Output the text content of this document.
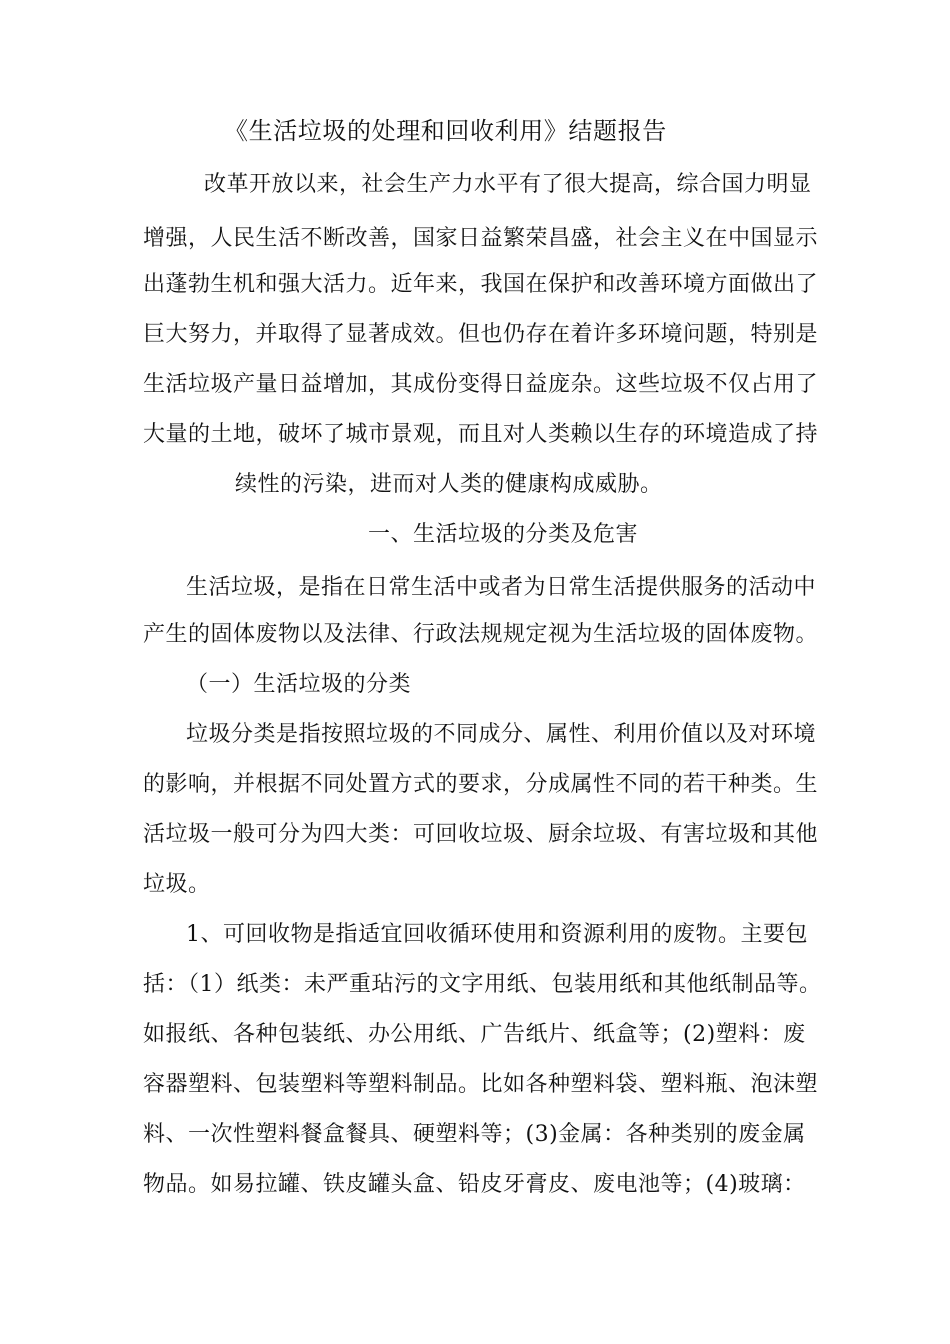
《生活垃圾的处理和回收利用》结题报告
改革开放以来，社会生产力水平有了很大提高，综合国力明显
增强，人民生活不断改善，国家日益繁荣昌盛，社会主义在中国显示
出蓬勃生机和强大活力。近年来，我国在保护和改善环境方面做出了
巨大努力，并取得了显著成效。但也仍存在着许多环境问题，特别是
生活垃圾产量日益增加，其成份变得日益庞杂。这些垃圾不仅占用了
大量的土地，破坏了城市景观，而且对人类赖以生存的环境造成了持
续性的污染，进而对人类的健康构成威胁。
一、生活垃圾的分类及危害
生活垃圾，是指在日常生活中或者为日常生活提供服务的活动中
产生的固体废物以及法律、行政法规规定视为生活垃圾的固体废物。
（一）生活垃圾的分类
垃圾分类是指按照垃圾的不同成分、属性、利用价值以及对环境
的影响，并根据不同处置方式的要求，分成属性不同的若干种类。生
活垃圾一般可分为四大类：可回收垃圾、厨余垃圾、有害垃圾和其他
垃圾。
1、可回收物是指适宜回收循环使用和资源利用的废物。主要包
括：（1）纸类：未严重玷污的文字用纸、包装用纸和其他纸制品等。
如报纸、各种包装纸、办公用纸、广告纸片、纸盒等；(2)塑料：废
容器塑料、包装塑料等塑料制品。比如各种塑料袋、塑料瓶、泡沫塑
料、一次性塑料餐盒餐具、硬塑料等；(3)金属：各种类别的废金属
物品。如易拉罐、铁皮罐头盒、铅皮牙膏皮、废电池等；(4)玻璃：
